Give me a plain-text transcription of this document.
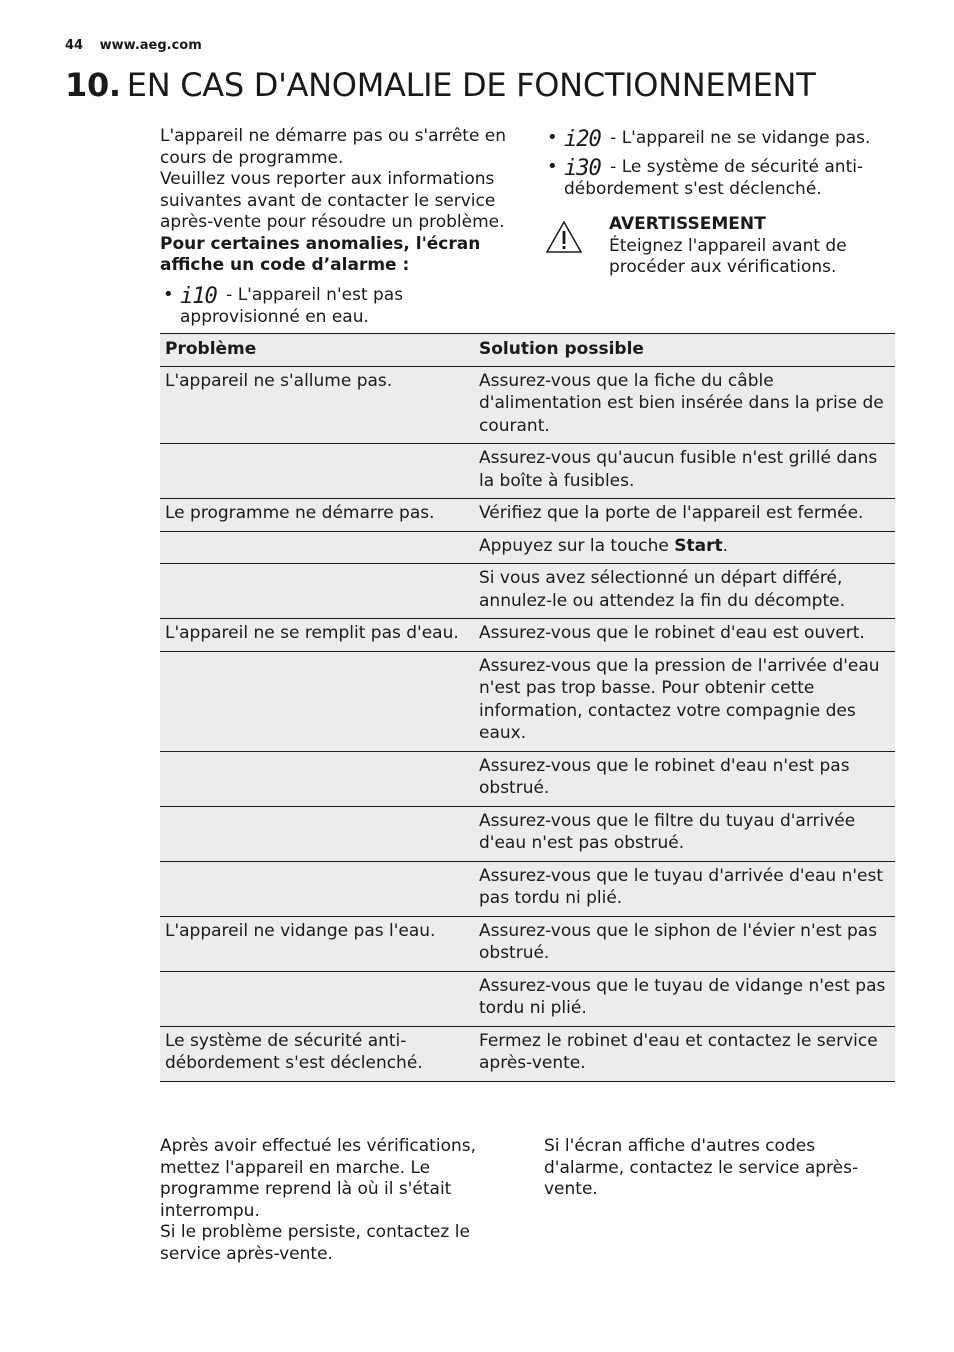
44 www.aeg.com
10. EN CAS D'ANOMALIE DE FONCTIONNEMENT

L'appareil ne démarre pas ou s'arrête en cours de programme.

Veuillez vous reporter aux informations suivantes avant de contacter le service après-vente pour résoudre un problème.

Pour certaines anomalies, l'écran affiche un code d’alarme :

• i10 - L'appareil n'est pas approvisionné en eau.
• i20 - L'appareil ne se vidange pas.
• i30 - Le système de sécurité anti-débordement s'est déclenché.
AVERTISSEMENT
Éteignez l'appareil avant de procéder aux vérifications.
Problème	Solution possible
L'appareil ne s'allume pas.	Assurez-vous que la fiche du câble d'alimentation est bien insérée dans la prise de courant.
	Assurez-vous qu'aucun fusible n'est grillé dans la boîte à fusibles.
Le programme ne démarre pas.	Vérifiez que la porte de l'appareil est fermée.
	Appuyez sur la touche Start.
	Si vous avez sélectionné un départ différé, annulez-le ou attendez la fin du décompte.
L'appareil ne se remplit pas d'eau.	Assurez-vous que le robinet d'eau est ouvert.
	Assurez-vous que la pression de l'arrivée d'eau n'est pas trop basse. Pour obtenir cette information, contactez votre compagnie des eaux.
	Assurez-vous que le robinet d'eau n'est pas obstrué.
	Assurez-vous que le filtre du tuyau d'arrivée d'eau n'est pas obstrué.
	Assurez-vous que le tuyau d'arrivée d'eau n'est pas tordu ni plié.
L'appareil ne vidange pas l'eau.	Assurez-vous que le siphon de l'évier n'est pas obstrué.
	Assurez-vous que le tuyau de vidange n'est pas tordu ni plié.
Le système de sécurité anti-débordement s'est déclenché.	Fermez le robinet d'eau et contactez le service après-vente.

Après avoir effectué les vérifications, mettez l'appareil en marche. Le programme reprend là où il s'était interrompu.

Si le problème persiste, contactez le service après-vente.

Si l'écran affiche d'autres codes d'alarme, contactez le service après-vente.
